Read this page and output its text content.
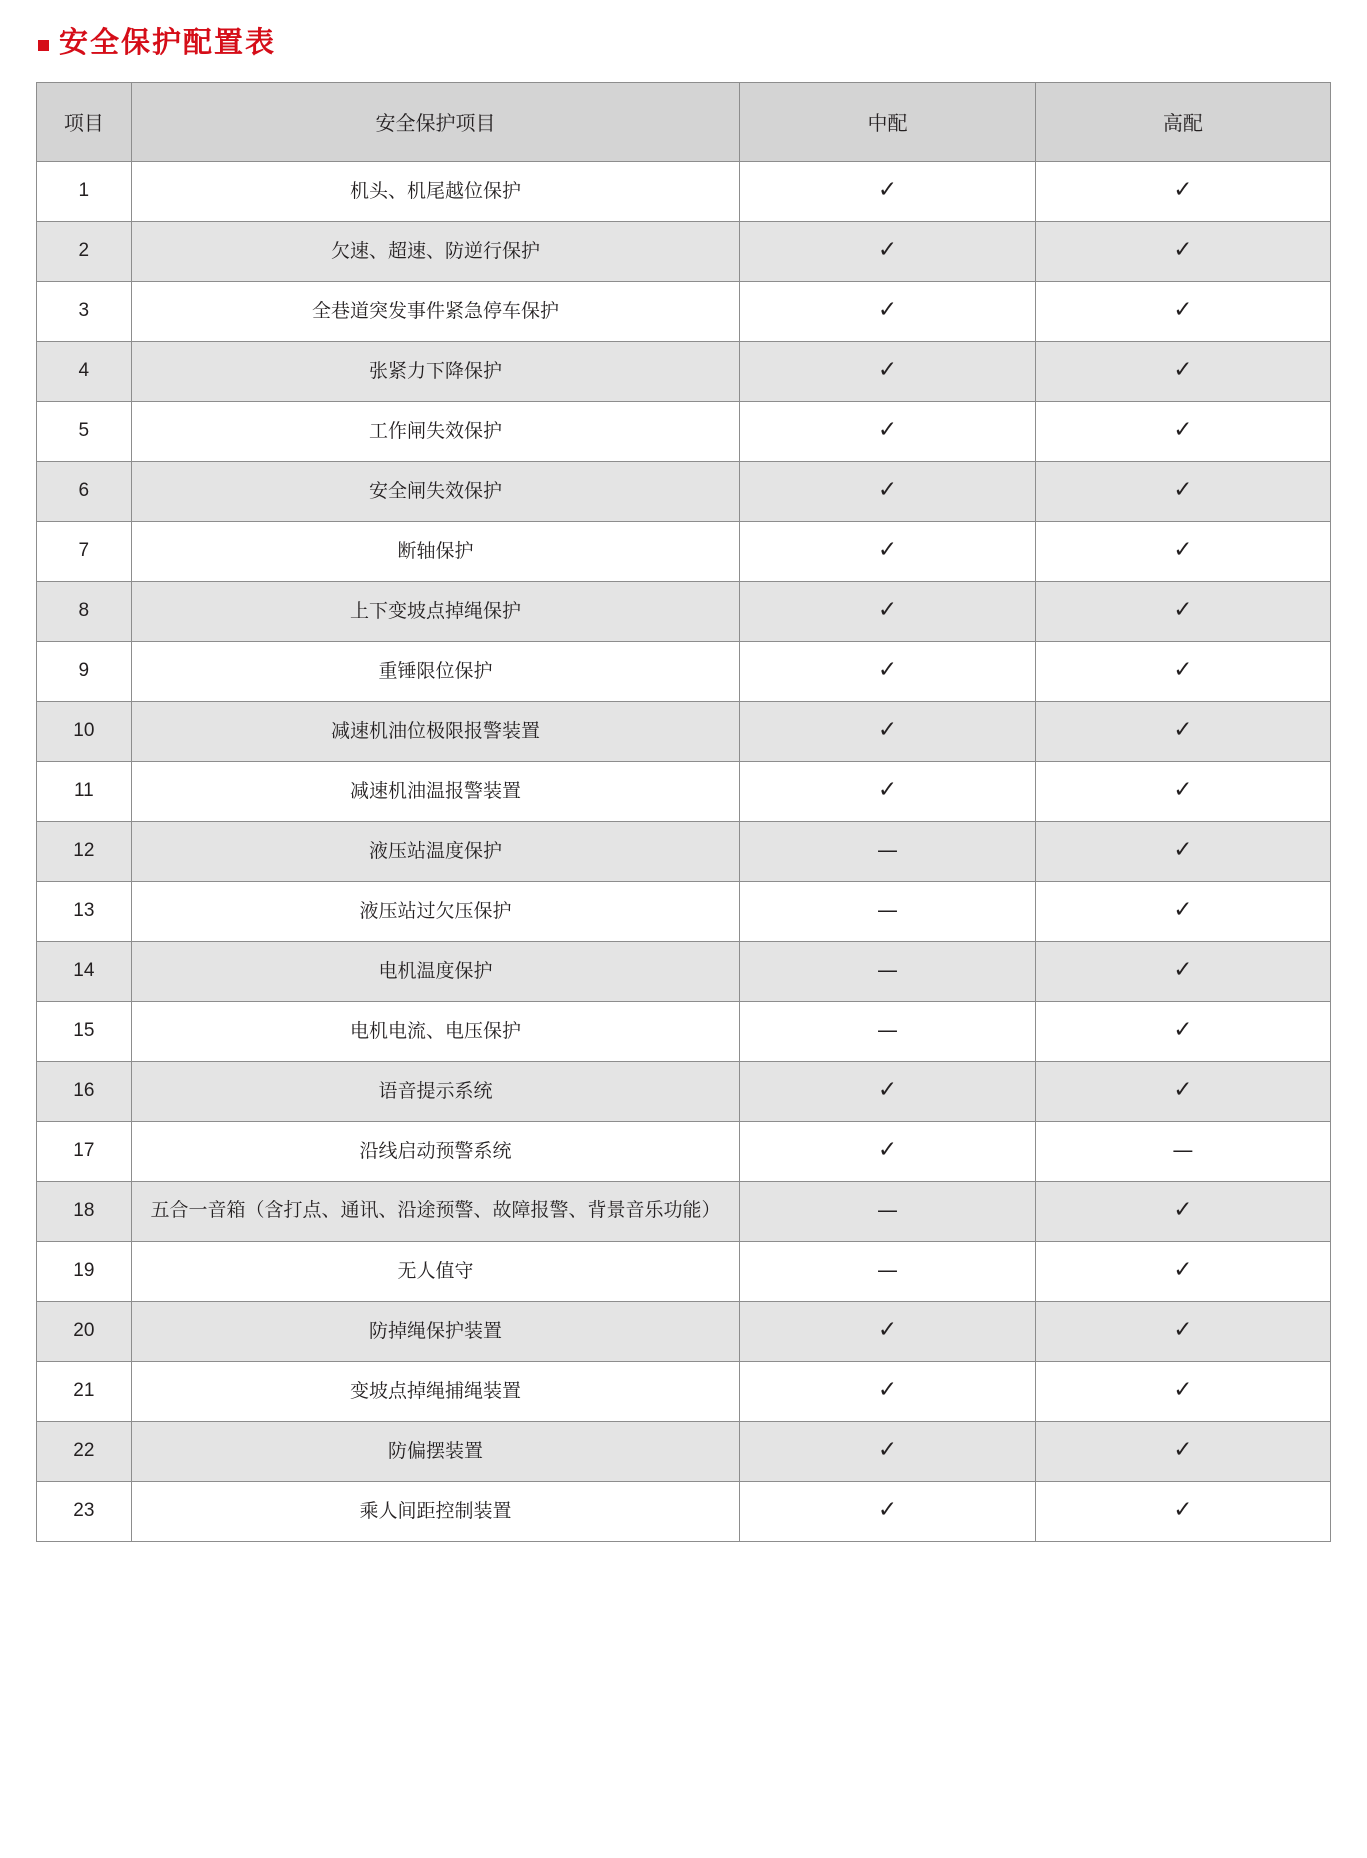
安全保护配置表
项目	安全保护项目	中配	高配
1	机头、机尾越位保护	✓	✓
2	欠速、超速、防逆行保护	✓	✓
3	全巷道突发事件紧急停车保护	✓	✓
4	张紧力下降保护	✓	✓
5	工作闸失效保护	✓	✓
6	安全闸失效保护	✓	✓
7	断轴保护	✓	✓
8	上下变坡点掉绳保护	✓	✓
9	重锤限位保护	✓	✓
10	减速机油位极限报警装置	✓	✓
11	减速机油温报警装置	✓	✓
12	液压站温度保护	—	✓
13	液压站过欠压保护	—	✓
14	电机温度保护	—	✓
15	电机电流、电压保护	—	✓
16	语音提示系统	✓	✓
17	沿线启动预警系统	✓	—
18	五合一音箱（含打点、通讯、沿途预警、故障报警、背景音乐功能）	—	✓
19	无人值守	—	✓
20	防掉绳保护装置	✓	✓
21	变坡点掉绳捕绳装置	✓	✓
22	防偏摆装置	✓	✓
23	乘人间距控制装置	✓	✓
